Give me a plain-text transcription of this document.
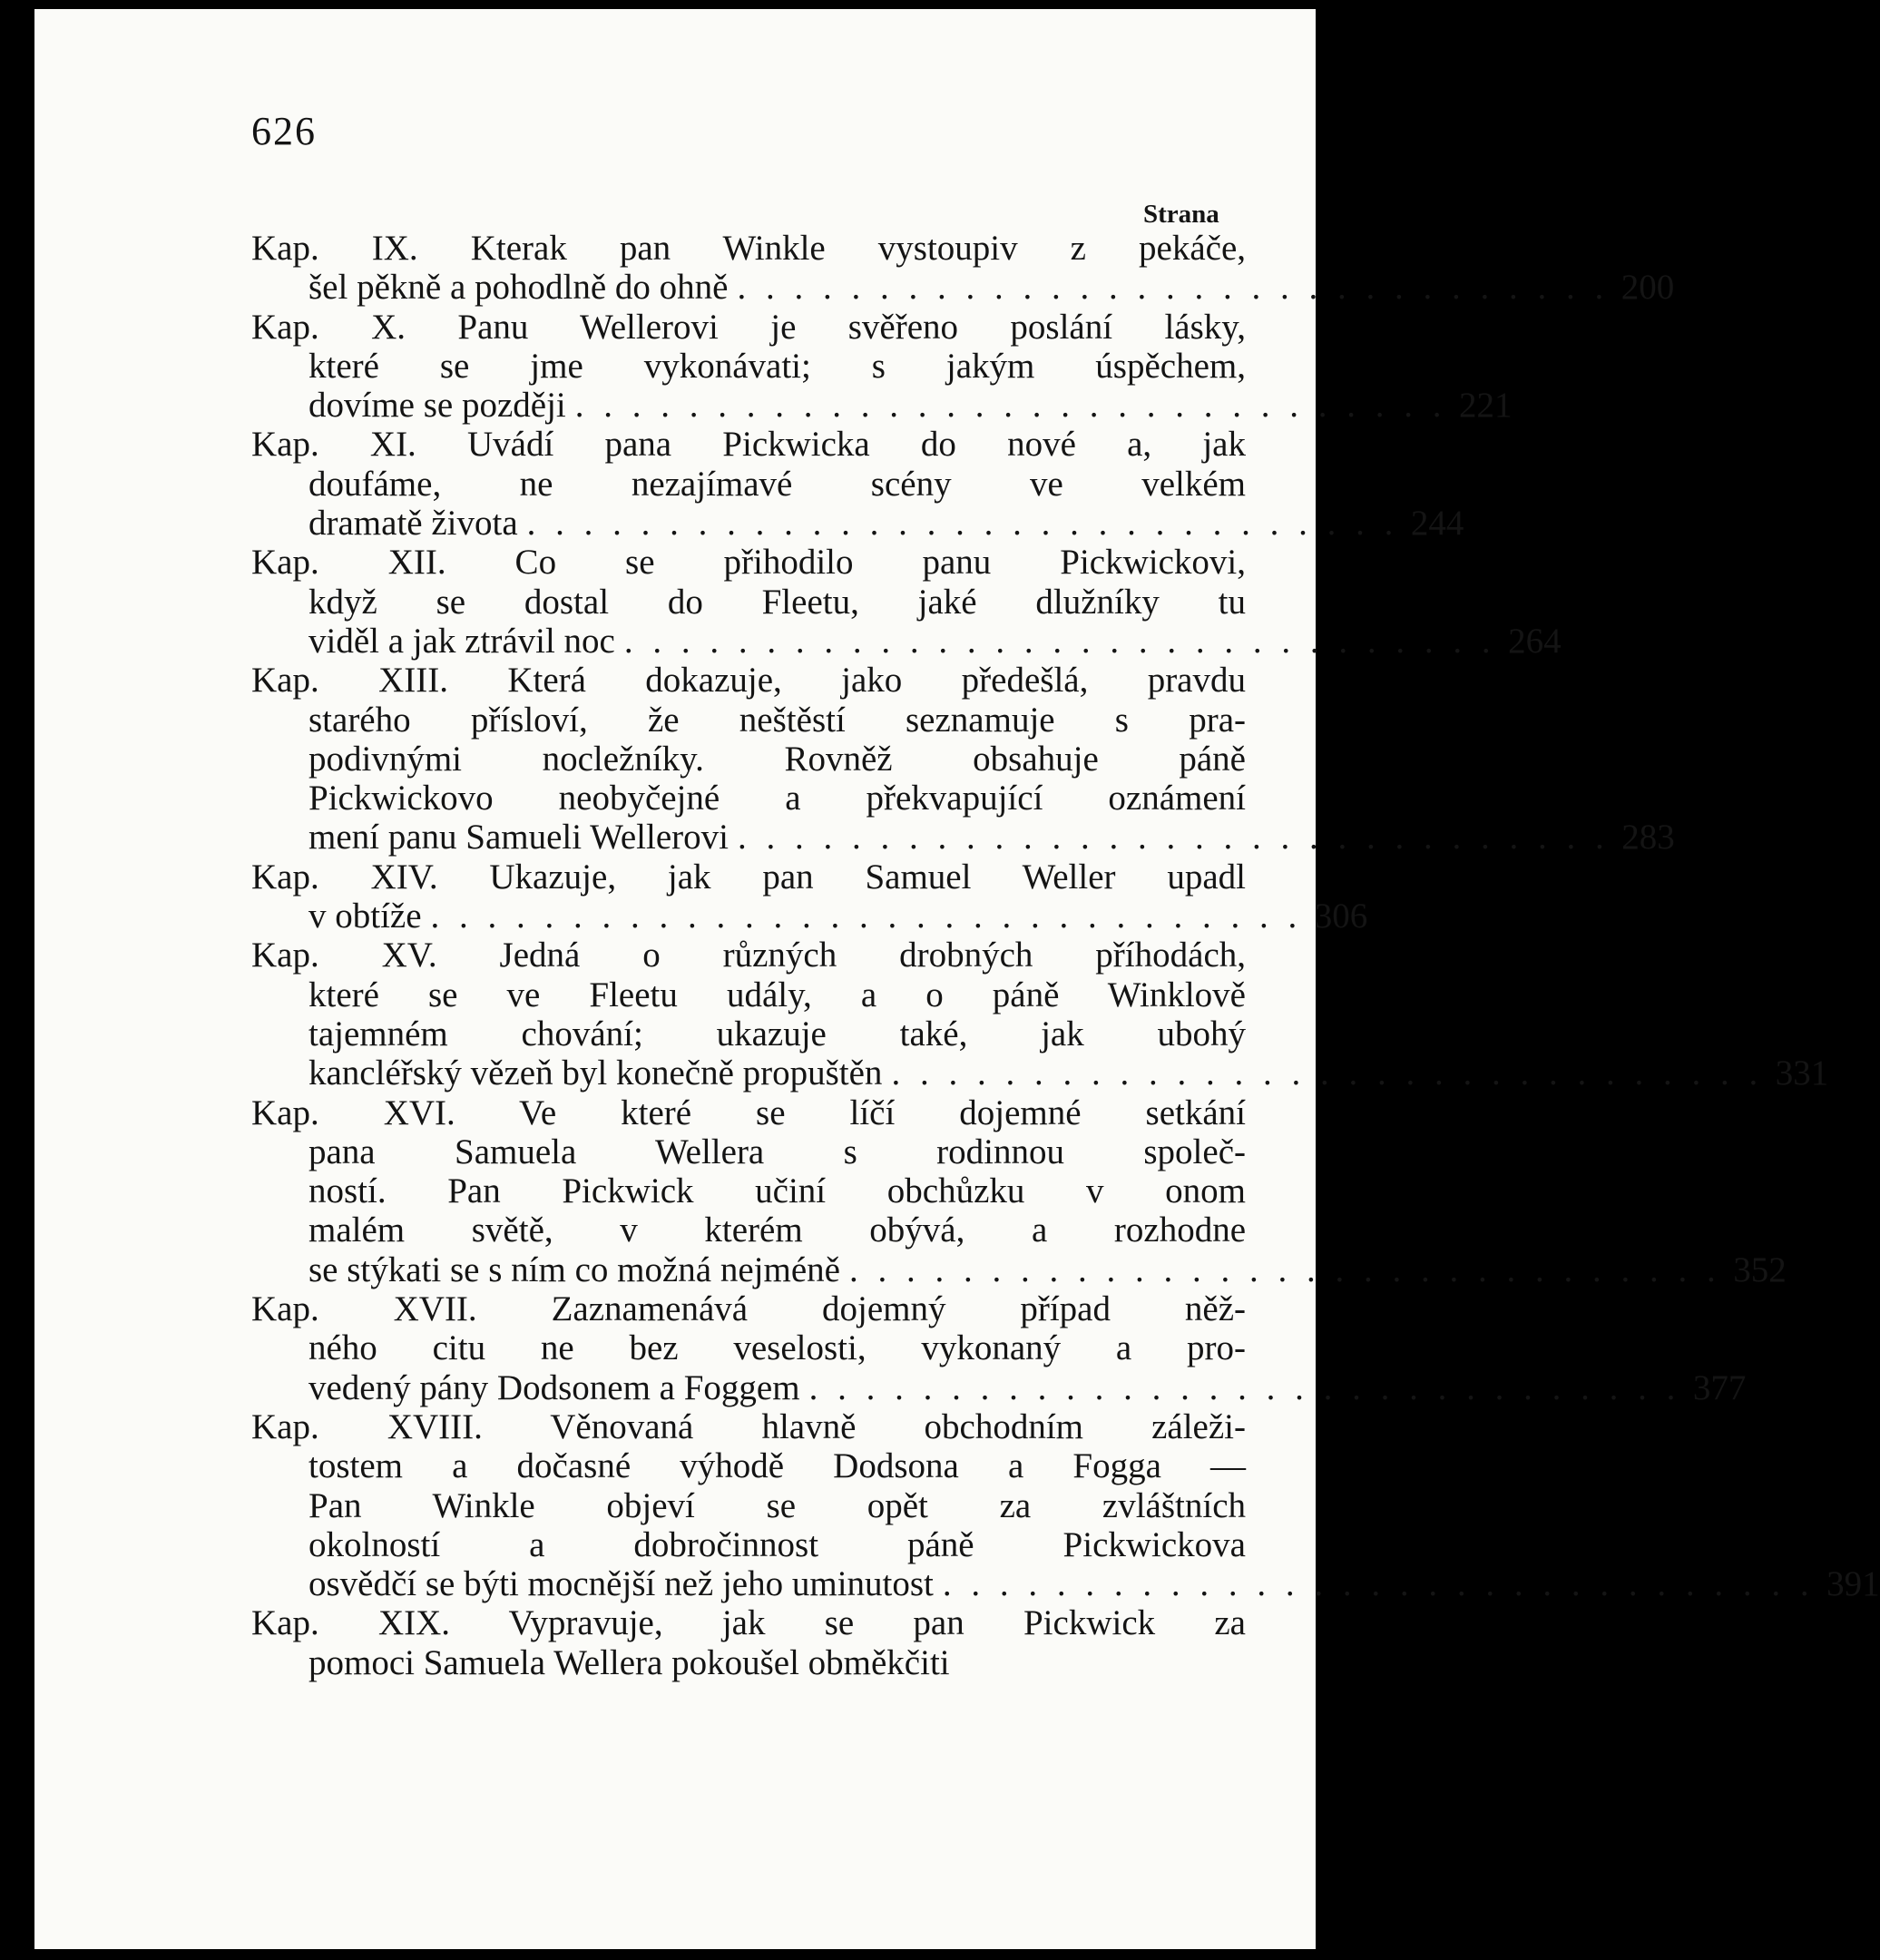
626
Strana
Kap. IX. Kterak pan Winkle vystoupiv z pekáče,
šel pěkně a pohodlně do ohně . . . . . . . . . . . . . . . . . . . . . . . . . . . . . . . 200
Kap. X. Panu Wellerovi je svěřeno poslání lásky,
které se jme vykonávati; s jakým úspěchem,
dovíme se později . . . . . . . . . . . . . . . . . . . . . . . . . . . . . . . 221
Kap. XI. Uvádí pana Pickwicka do nové a, jak
doufáme, ne nezajímavé scény ve velkém
dramatě života . . . . . . . . . . . . . . . . . . . . . . . . . . . . . . . 244
Kap. XII. Co se přihodilo panu Pickwickovi,
když se dostal do Fleetu, jaké dlužníky tu
viděl a jak ztrávil noc . . . . . . . . . . . . . . . . . . . . . . . . . . . . . . . 264
Kap. XIII. Která dokazuje, jako předešlá, pravdu
starého přísloví, že neštěstí seznamuje s pra-
podivnými nocležníky. Rovněž obsahuje páně
Pickwickovo neobyčejné a překvapující oznámení
mení panu Samueli Wellerovi . . . . . . . . . . . . . . . . . . . . . . . . . . . . . . . 283
Kap. XIV. Ukazuje, jak pan Samuel Weller upadl
v obtíže . . . . . . . . . . . . . . . . . . . . . . . . . . . . . . . 306
Kap. XV. Jedná o různých drobných příhodách,
které se ve Fleetu udály, a o páně Winklově
tajemném chování; ukazuje také, jak ubohý
kancléřský vězeň byl konečně propuštěn . . . . . . . . . . . . . . . . . . . . . . . . . . . . . . . 331
Kap. XVI. Ve které se líčí dojemné setkání
pana Samuela Wellera s rodinnou společ-
ností. Pan Pickwick učiní obchůzku v onom
malém světě, v kterém obývá, a rozhodne
se stýkati se s ním co možná nejméně . . . . . . . . . . . . . . . . . . . . . . . . . . . . . . . 352
Kap. XVII. Zaznamenává dojemný případ něž-
ného citu ne bez veselosti, vykonaný a pro-
vedený pány Dodsonem a Foggem . . . . . . . . . . . . . . . . . . . . . . . . . . . . . . . 377
Kap. XVIII. Věnovaná hlavně obchodním záleži-
tostem a dočasné výhodě Dodsona a Fogga —
Pan Winkle objeví se opět za zvláštních
okolností a dobročinnost páně Pickwickova
osvědčí se býti mocnější než jeho uminutost . . . . . . . . . . . . . . . . . . . . . . . . . . . . . . . 391
Kap. XIX. Vypravuje, jak se pan Pickwick za
pomoci Samuela Wellera pokoušel obměkčiti
